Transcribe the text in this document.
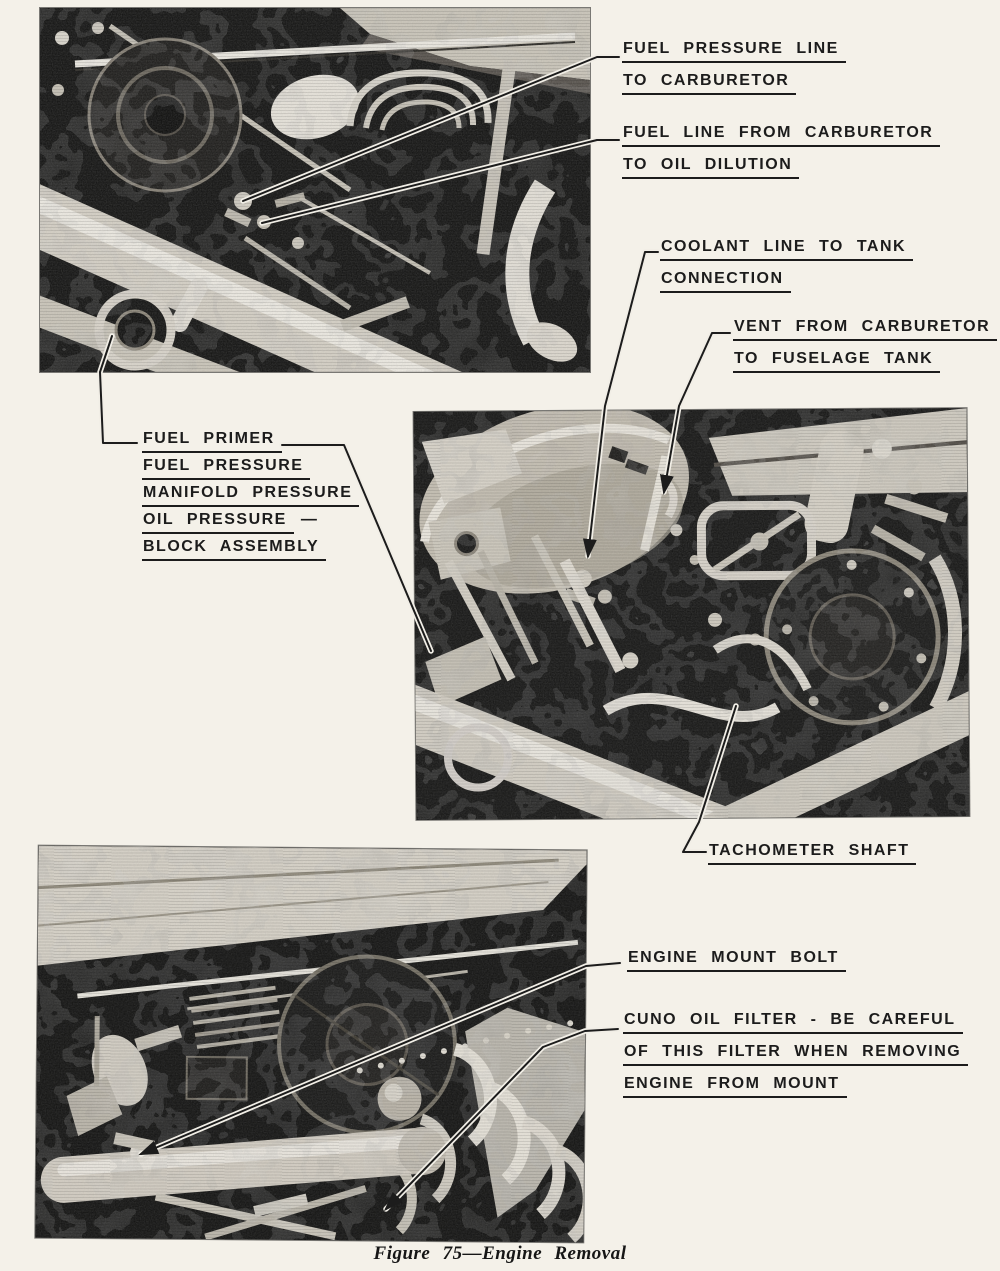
FUEL PRESSURE LINE
TO CARBURETOR
FUEL LINE FROM CARBURETOR
TO OIL DILUTION
COOLANT LINE TO TANK
CONNECTION
VENT FROM CARBURETOR
TO FUSELAGE TANK
FUEL PRIMER
FUEL PRESSURE
MANIFOLD PRESSURE
OIL PRESSURE —
BLOCK ASSEMBLY
TACHOMETER SHAFT
ENGINE MOUNT BOLT
CUNO OIL FILTER - BE CAREFUL
OF THIS FILTER WHEN REMOVING
ENGINE FROM MOUNT
Figure 75—Engine Removal
